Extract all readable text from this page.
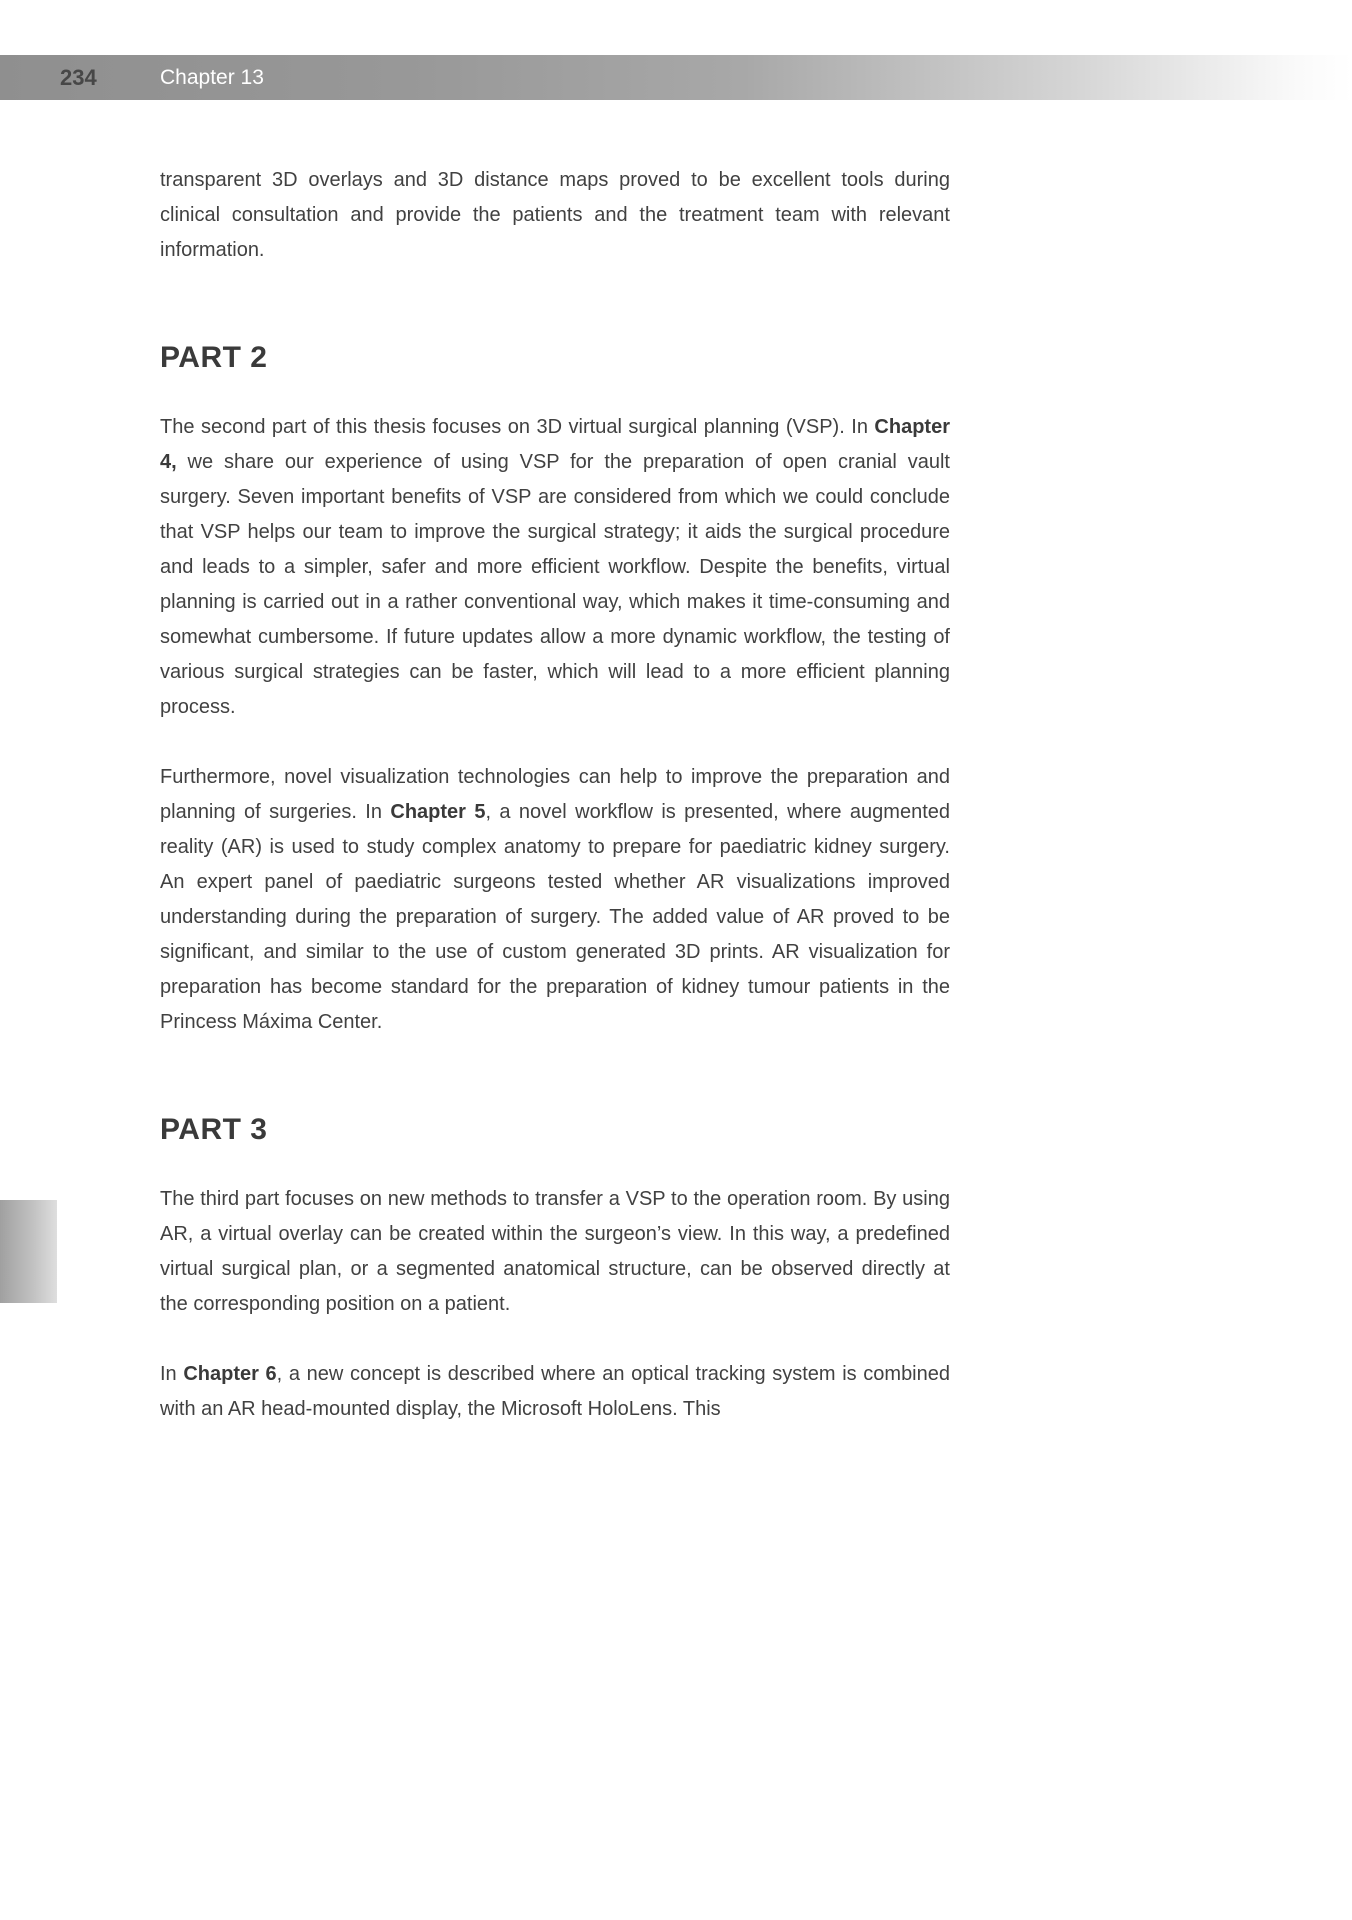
234	Chapter 13

transparent 3D overlays and 3D distance maps proved to be excellent tools during clinical consultation and provide the patients and the treatment team with relevant information.

PART 2

The second part of this thesis focuses on 3D virtual surgical planning (VSP). In Chapter 4, we share our experience of using VSP for the preparation of open cranial vault surgery. Seven important benefits of VSP are considered from which we could conclude that VSP helps our team to improve the surgical strategy; it aids the surgical procedure and leads to a simpler, safer and more efficient workflow. Despite the benefits, virtual planning is carried out in a rather conventional way, which makes it time-consuming and somewhat cumbersome. If future updates allow a more dynamic workflow, the testing of various surgical strategies can be faster, which will lead to a more efficient planning process.

Furthermore, novel visualization technologies can help to improve the preparation and planning of surgeries. In Chapter 5, a novel workflow is presented, where augmented reality (AR) is used to study complex anatomy to prepare for paediatric kidney surgery. An expert panel of paediatric surgeons tested whether AR visualizations improved understanding during the preparation of surgery. The added value of AR proved to be significant, and similar to the use of custom generated 3D prints. AR visualization for preparation has become standard for the preparation of kidney tumour patients in the Princess Máxima Center.

PART 3

The third part focuses on new methods to transfer a VSP to the operation room. By using AR, a virtual overlay can be created within the surgeon’s view. In this way, a predefined virtual surgical plan, or a segmented anatomical structure, can be observed directly at the corresponding position on a patient.

In Chapter 6, a new concept is described where an optical tracking system is combined with an AR head-mounted display, the Microsoft HoloLens. This
